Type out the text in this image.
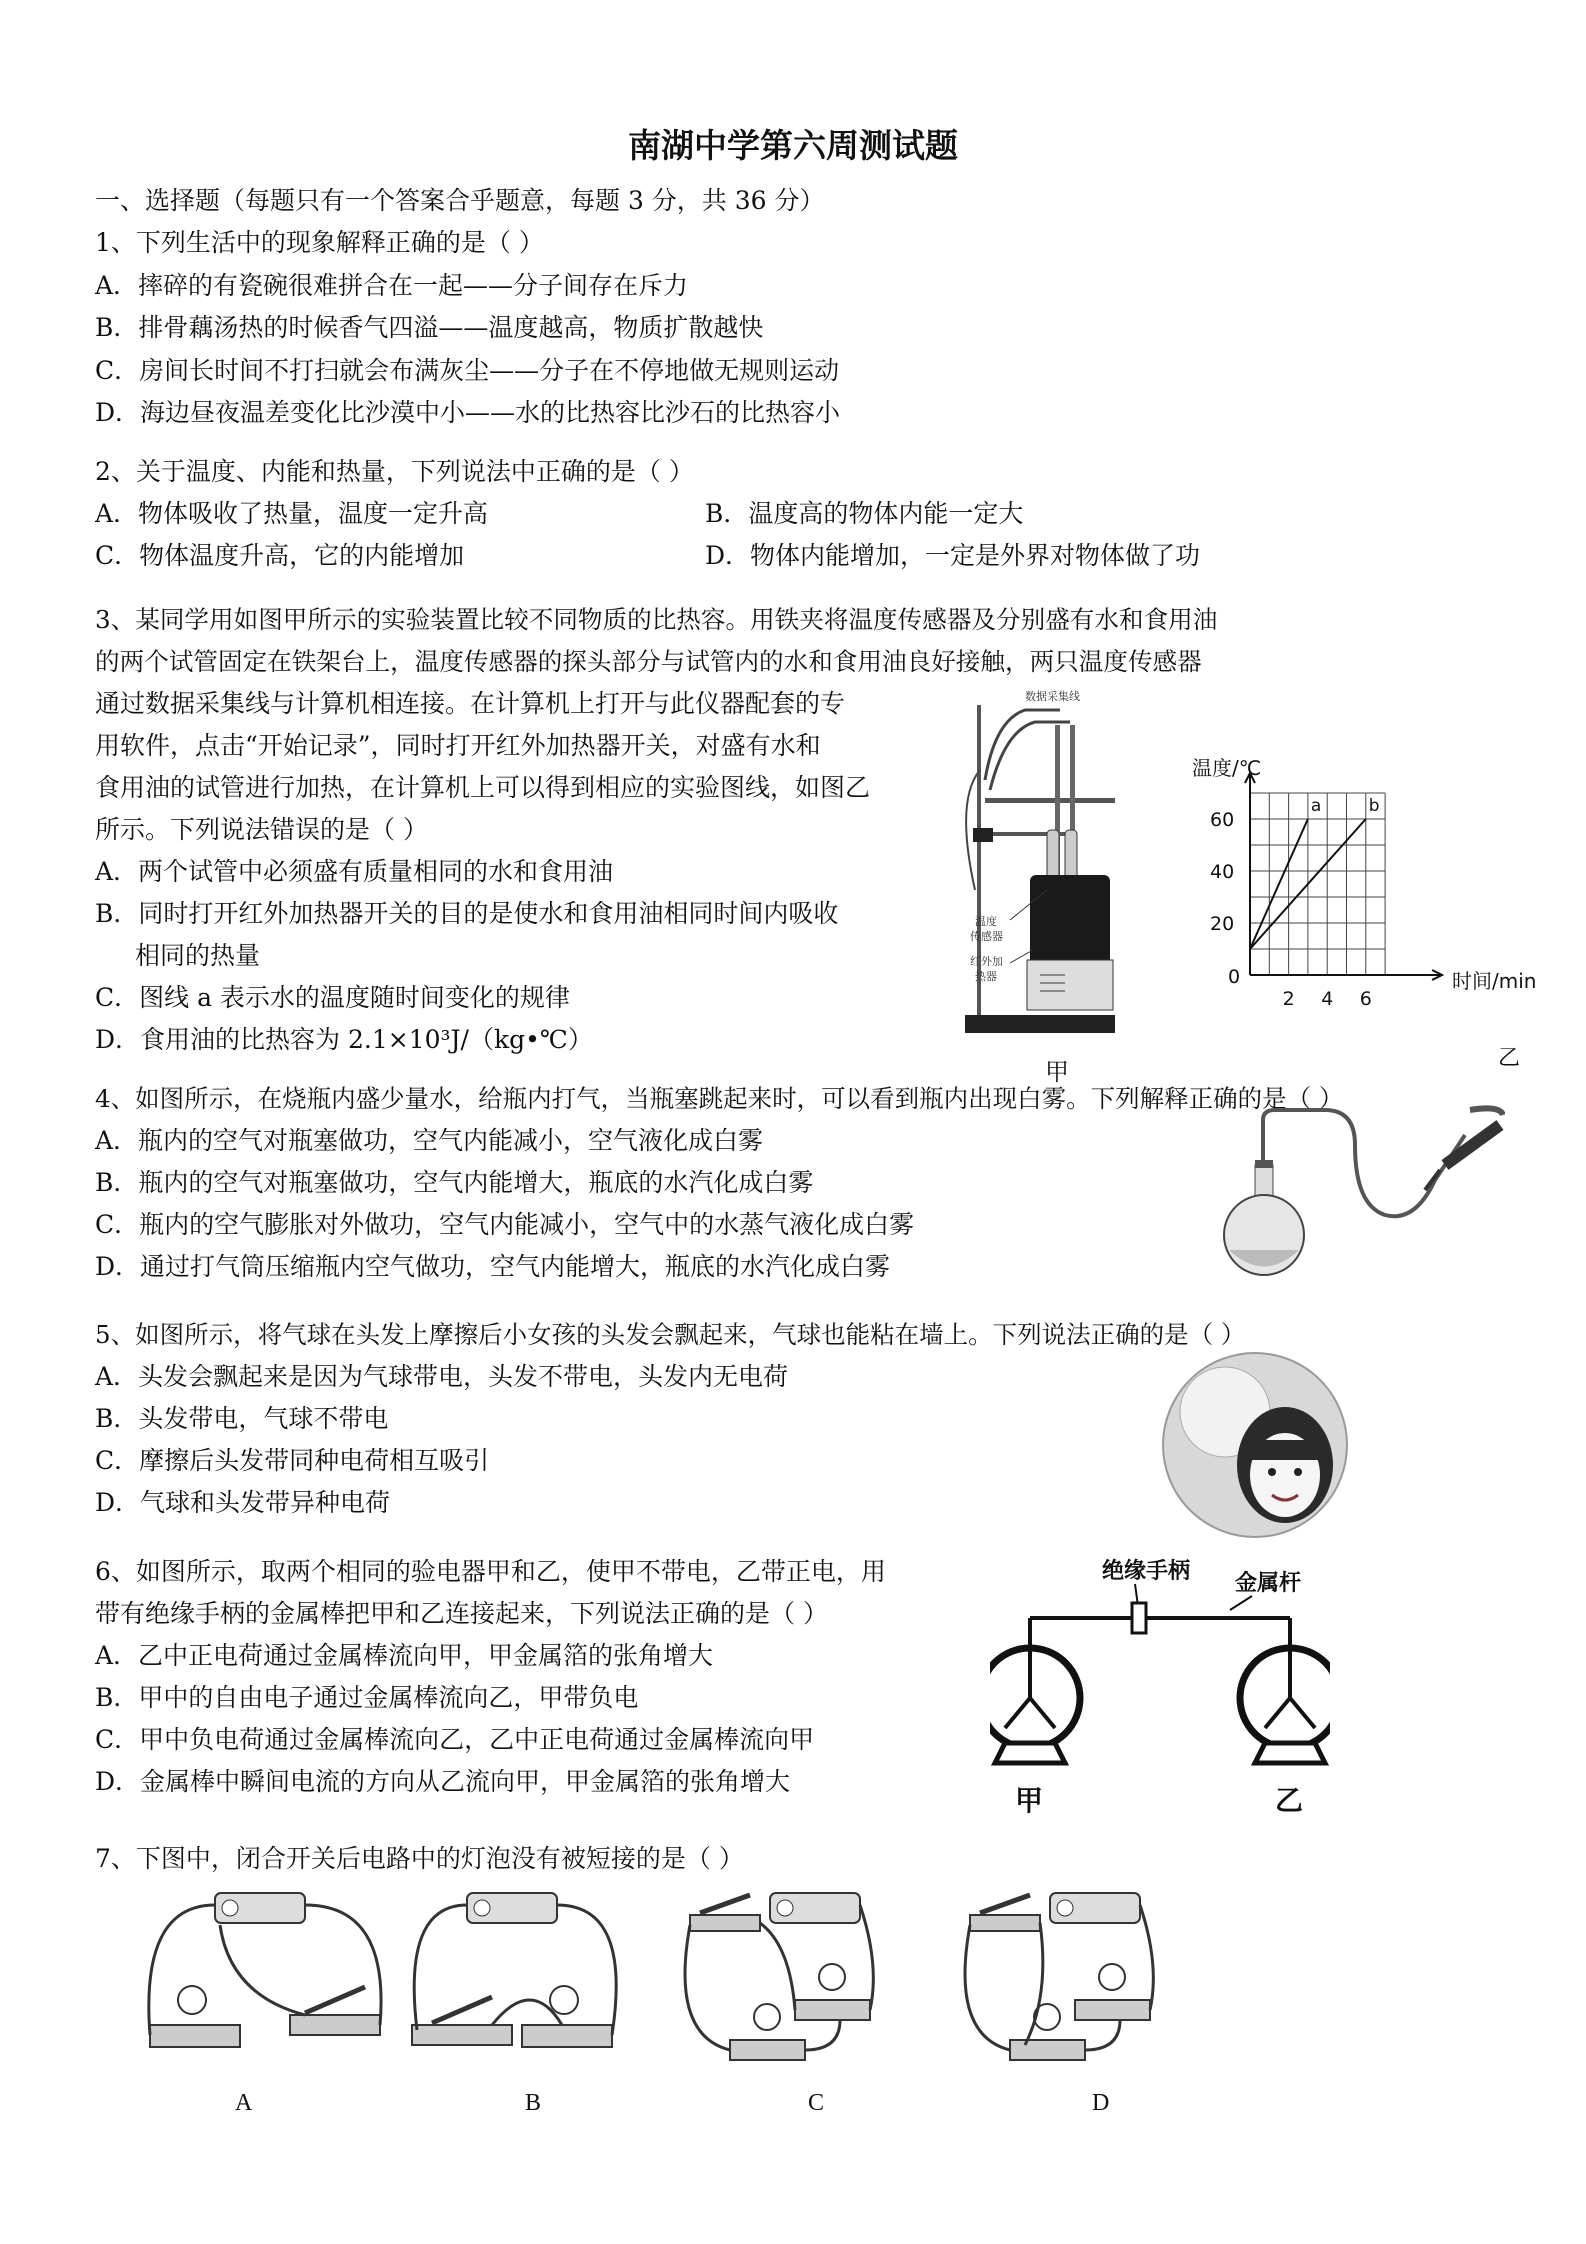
南湖中学第六周测试题
一、选择题（每题只有一个答案合乎题意，每题 3 分，共 36 分）
1、下列生活中的现象解释正确的是（ ）
A．摔碎的有瓷碗很难拼合在一起——分子间存在斥力
B．排骨藕汤热的时候香气四溢——温度越高，物质扩散越快
C．房间长时间不打扫就会布满灰尘——分子在不停地做无规则运动
D．海边昼夜温差变化比沙漠中小——水的比热容比沙石的比热容小
2、关于温度、内能和热量，下列说法中正确的是（ ）
A．物体吸收了热量，温度一定升高	B．温度高的物体内能一定大
C．物体温度升高，它的内能增加	D．物体内能增加，一定是外界对物体做了功
3、某同学用如图甲所示的实验装置比较不同物质的比热容。用铁夹将温度传感器及分别盛有水和食用油
的两个试管固定在铁架台上，温度传感器的探头部分与试管内的水和食用油良好接触，两只温度传感器
通过数据采集线与计算机相连接。在计算机上打开与此仪器配套的专
用软件，点击“开始记录”，同时打开红外加热器开关，对盛有水和
食用油的试管进行加热，在计算机上可以得到相应的实验图线，如图乙
所示。下列说法错误的是（ ）
A．两个试管中必须盛有质量相同的水和食用油
B．同时打开红外加热器开关的目的是使水和食用油相同时间内吸收
相同的热量
C．图线 a 表示水的温度随时间变化的规律
D．食用油的比热容为 2.1×10³J/（kg•℃）
数据采集线
温度
传感器
红外加
热器
甲
0
2 4 6
20
40
60
a	b
温度/℃
时间/min
乙
4、如图所示，在烧瓶内盛少量水，给瓶内打气，当瓶塞跳起来时，可以看到瓶内出现白雾。下列解释正确的是（ ）
A．瓶内的空气对瓶塞做功，空气内能减小，空气液化成白雾
B．瓶内的空气对瓶塞做功，空气内能增大，瓶底的水汽化成白雾
C．瓶内的空气膨胀对外做功，空气内能减小，空气中的水蒸气液化成白雾
D．通过打气筒压缩瓶内空气做功，空气内能增大，瓶底的水汽化成白雾
5、如图所示，将气球在头发上摩擦后小女孩的头发会飘起来，气球也能粘在墙上。下列说法正确的是（ ）
A．头发会飘起来是因为气球带电，头发不带电，头发内无电荷
B．头发带电，气球不带电
C．摩擦后头发带同种电荷相互吸引
D．气球和头发带异种电荷
6、如图所示，取两个相同的验电器甲和乙，使甲不带电，乙带正电，用
带有绝缘手柄的金属棒把甲和乙连接起来，下列说法正确的是（ ）
A．乙中正电荷通过金属棒流向甲，甲金属箔的张角增大
B．甲中的自由电子通过金属棒流向乙，甲带负电
C．甲中负电荷通过金属棒流向乙，乙中正电荷通过金属棒流向甲
D．金属棒中瞬间电流的方向从乙流向甲，甲金属箔的张角增大
绝缘手柄 金属杆
甲	乙
7、下图中，闭合开关后电路中的灯泡没有被短接的是（ ）
A	B	C	D
